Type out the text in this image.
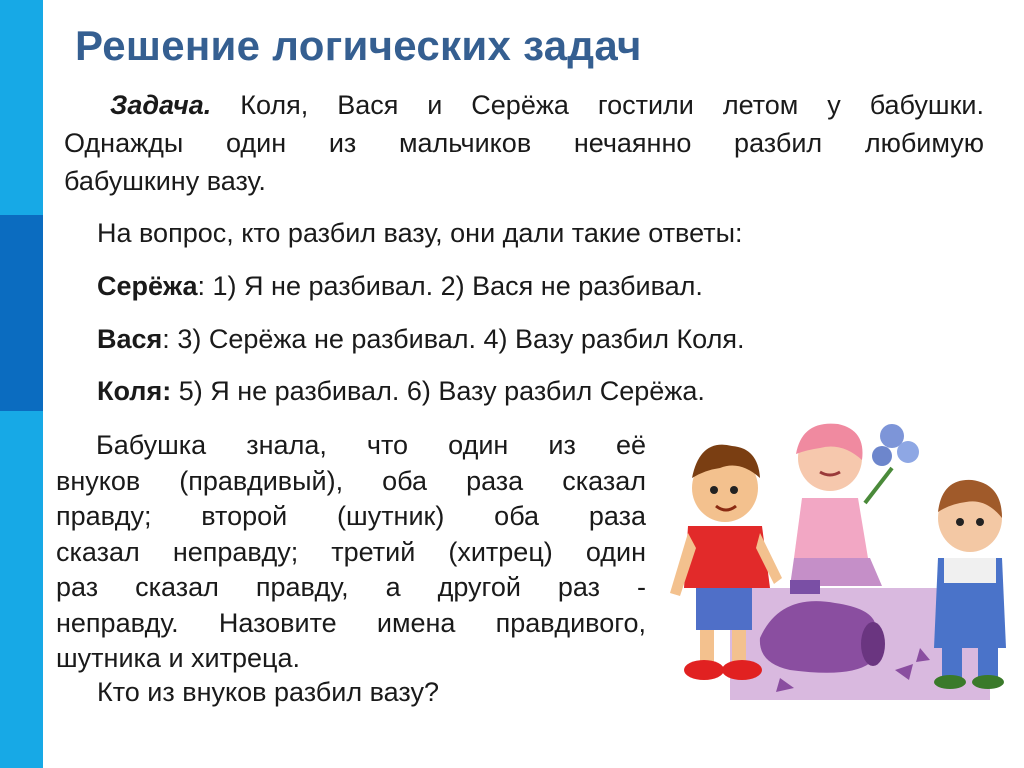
Решение логических задач
Задача. Коля, Вася и Серёжа гостили летом у бабушки.
Однажды один из мальчиков нечаянно разбил любимую
бабушкину вазу.

На вопрос, кто разбил вазу, они дали такие ответы:

Серёжа: 1) Я не разбивал. 2) Вася не разбивал.

Вася: 3) Серёжа не разбивал. 4) Вазу разбил Коля.

Коля: 5) Я не разбивал. 6) Вазу разбил Серёжа.

Бабушка знала, что один из её
внуков (правдивый), оба раза сказал
правду; второй (шутник) оба раза
сказал неправду; третий (хитрец) один
раз сказал правду, а другой раз -
неправду. Назовите имена правдивого,
шутника и хитреца.

Кто из внуков разбил вазу?
